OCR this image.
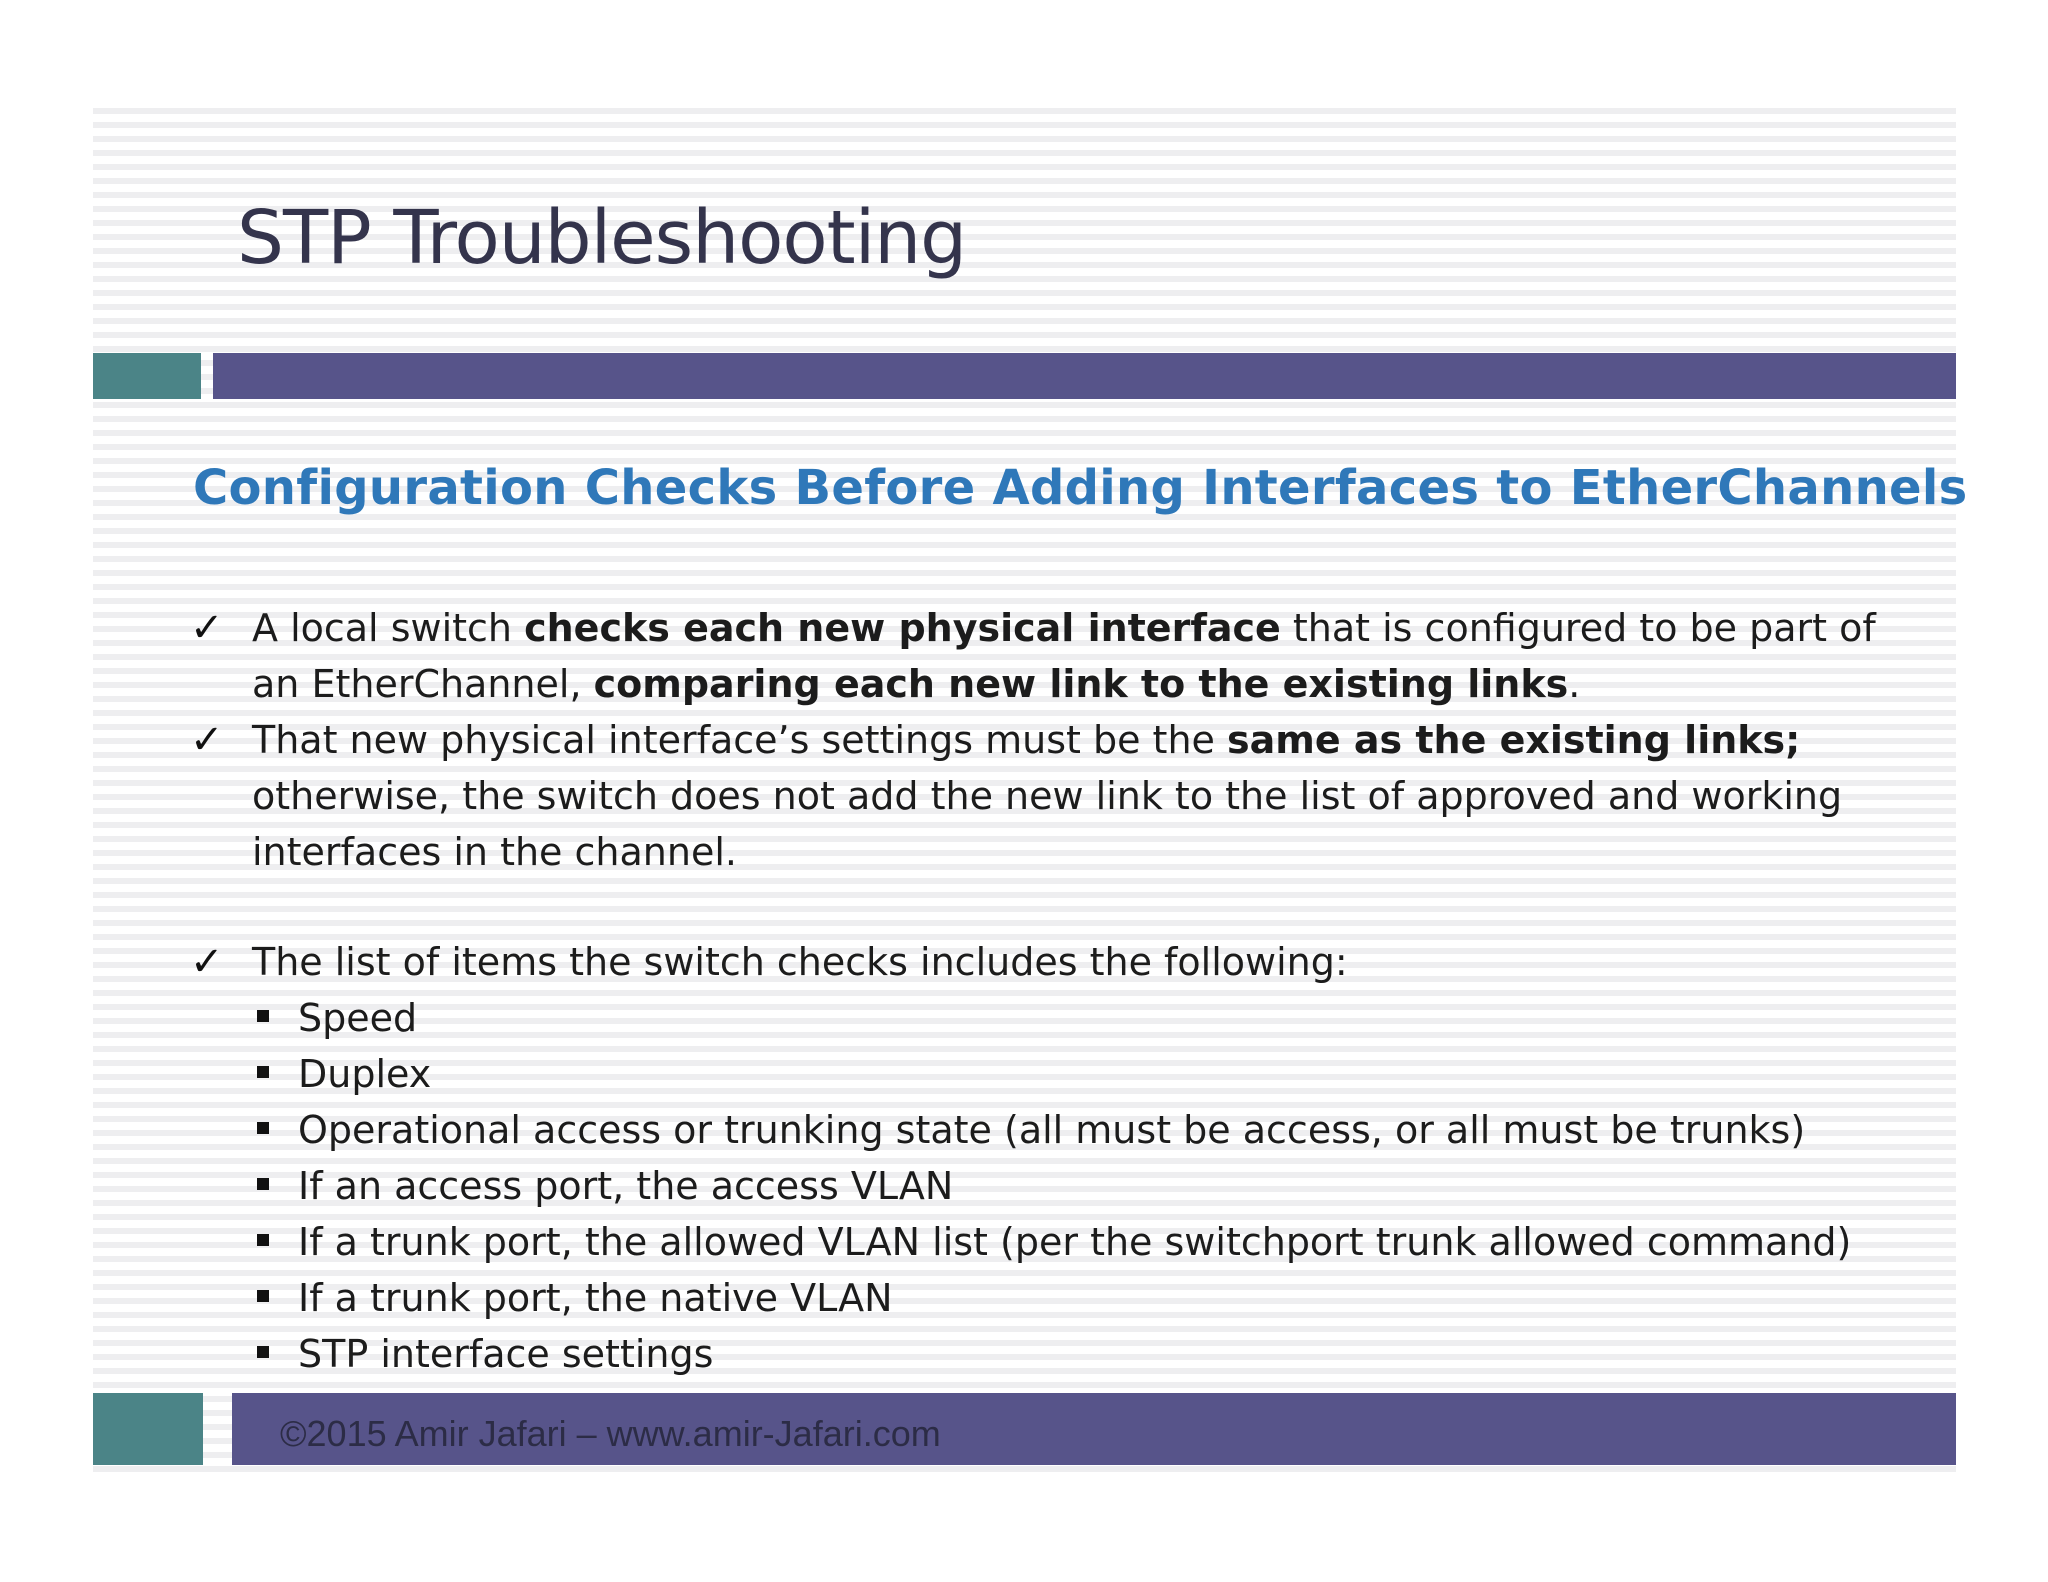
STP Troubleshooting
Configuration Checks Before Adding Interfaces to EtherChannels
✓ A local switch checks each new physical interface that is configured to be part of an EtherChannel, comparing each new link to the existing links.
✓ That new physical interface’s settings must be the same as the existing links; otherwise, the switch does not add the new link to the list of approved and working interfaces in the channel.
✓ The list of items the switch checks includes the following:
Speed
Duplex
Operational access or trunking state (all must be access, or all must be trunks)
If an access port, the access VLAN
If a trunk port, the allowed VLAN list (per the switchport trunk allowed command)
If a trunk port, the native VLAN
STP interface settings
©2015 Amir Jafari – www.amir-Jafari.com
